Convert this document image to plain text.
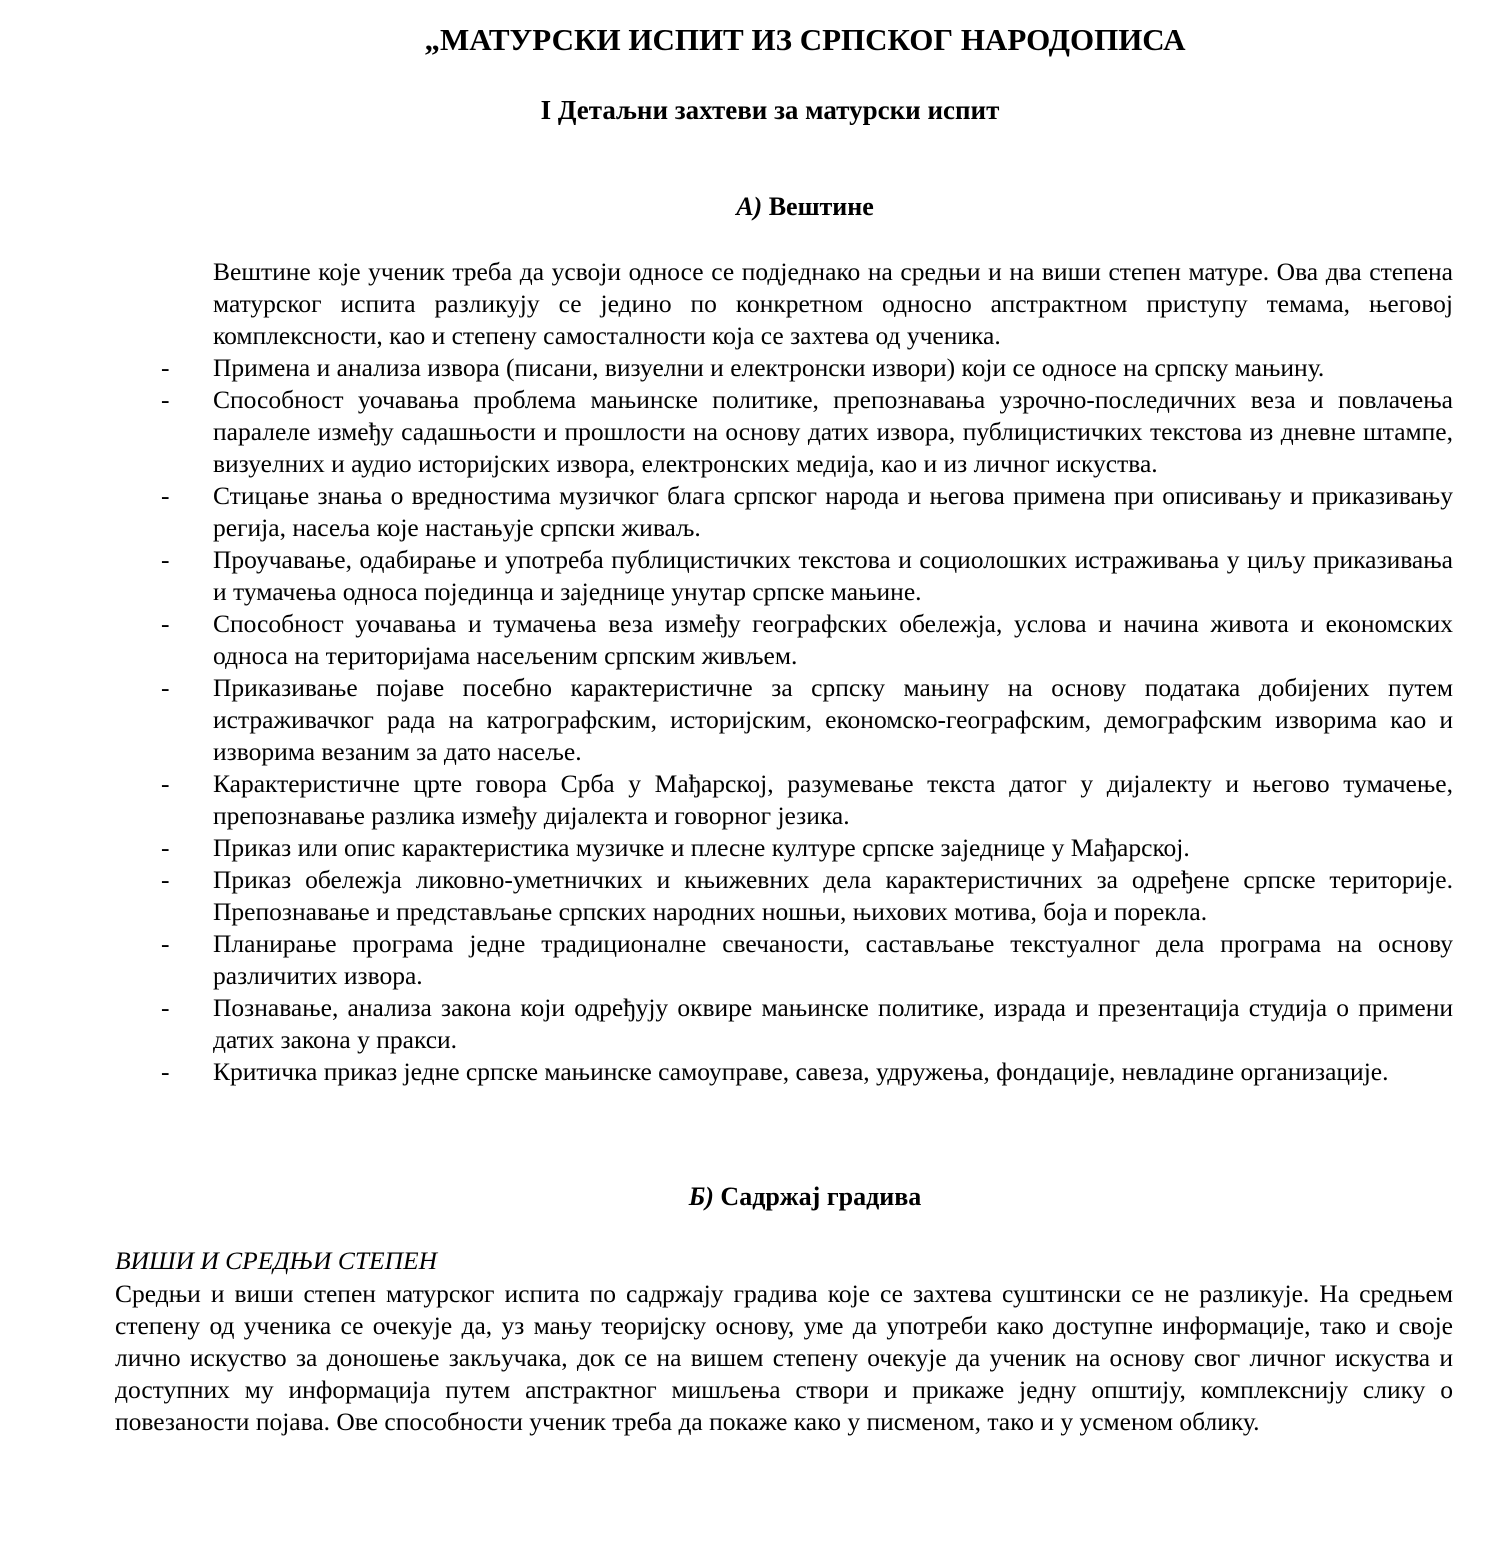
„МАТУРСКИ ИСПИТ ИЗ СРПСКОГ НАРОДОПИСА
I Детаљни захтеви за матурски испит
А) Вештине

Вештине које ученик треба да усвоји односе се подједнако на средњи и на виши степен матуре. Ова два степена матурског испита разликују се једино по конкретном односно апстрактном приступу темама, његовој комплексности, као и степену самосталности која се захтева од ученика.

- Примена и анализа извора (писани, визуелни и електронски извори) који се односе на српску мањину.
- Способност уочавања проблема мањинске политике, препознавања узрочно-последичних веза и повлачења паралеле између садашњости и прошлости на основу датих извора, публицистичких текстова из дневне штампе, визуелних и аудио историјских извора, електронских медија, као и из личног искуства.
- Стицање знања о вредностима музичког блага српског народа и његова примена при описивању и приказивању регија, насеља које настањује српски живаљ.
- Проучавање, одабирање и употреба публицистичких текстова и социолошких истраживања у циљу приказивања и тумачења односа појединца и заједнице унутар српске мањине.
- Способност уочавања и тумачења веза између географских обележја, услова и начина живота и економских односа на територијама насељеним српским живљем.
- Приказивање појаве посебно карактеристичне за српску мањину на основу података добијених путем истраживачког рада на катрографским, историјским, економско-географским, демографским изворима као и изворима везаним за дато насеље.
- Карактеристичне црте говора Срба у Мађарској, разумевање текста датог у дијалекту и његово тумачење, препознавање разлика између дијалекта и говорног језика.
- Приказ или опис карактеристика музичке и плесне културе српске заједнице у Мађарској.
- Приказ обележја ликовно-уметничких и књижевних дела карактеристичних за одређене српске територије. Препознавање и представљање српских народних ношњи, њихових мотива, боја и порекла.
- Планирање програма једне традиционалне свечаности, састављање текстуалног дела програма на основу различитих извора.
- Познавање, анализа закона који одређују оквире мањинске политике, израда и презентација студија о примени датих закона у пракси.
- Критичка приказ једне српске мањинске самоуправе, савеза, удружења, фондације, невладине организације.
Б) Садржај градива
ВИШИ И СРЕДЊИ СТЕПЕН

Средњи и виши степен матурског испита по садржају градива које се захтева суштински се не разликује. На средњем степену од ученика се очекује да, уз мању теоријску основу, уме да употреби како доступне информације, тако и своје лично искуство за доношење закључака, док се на вишем степену очекује да ученик на основу свог личног искуства и доступних му информација путем апстрактног мишљења створи и прикаже једну општију, комплекснију слику о повезаности појава. Ове способности ученик треба да покаже како у писменом, тако и у усменом облику.
